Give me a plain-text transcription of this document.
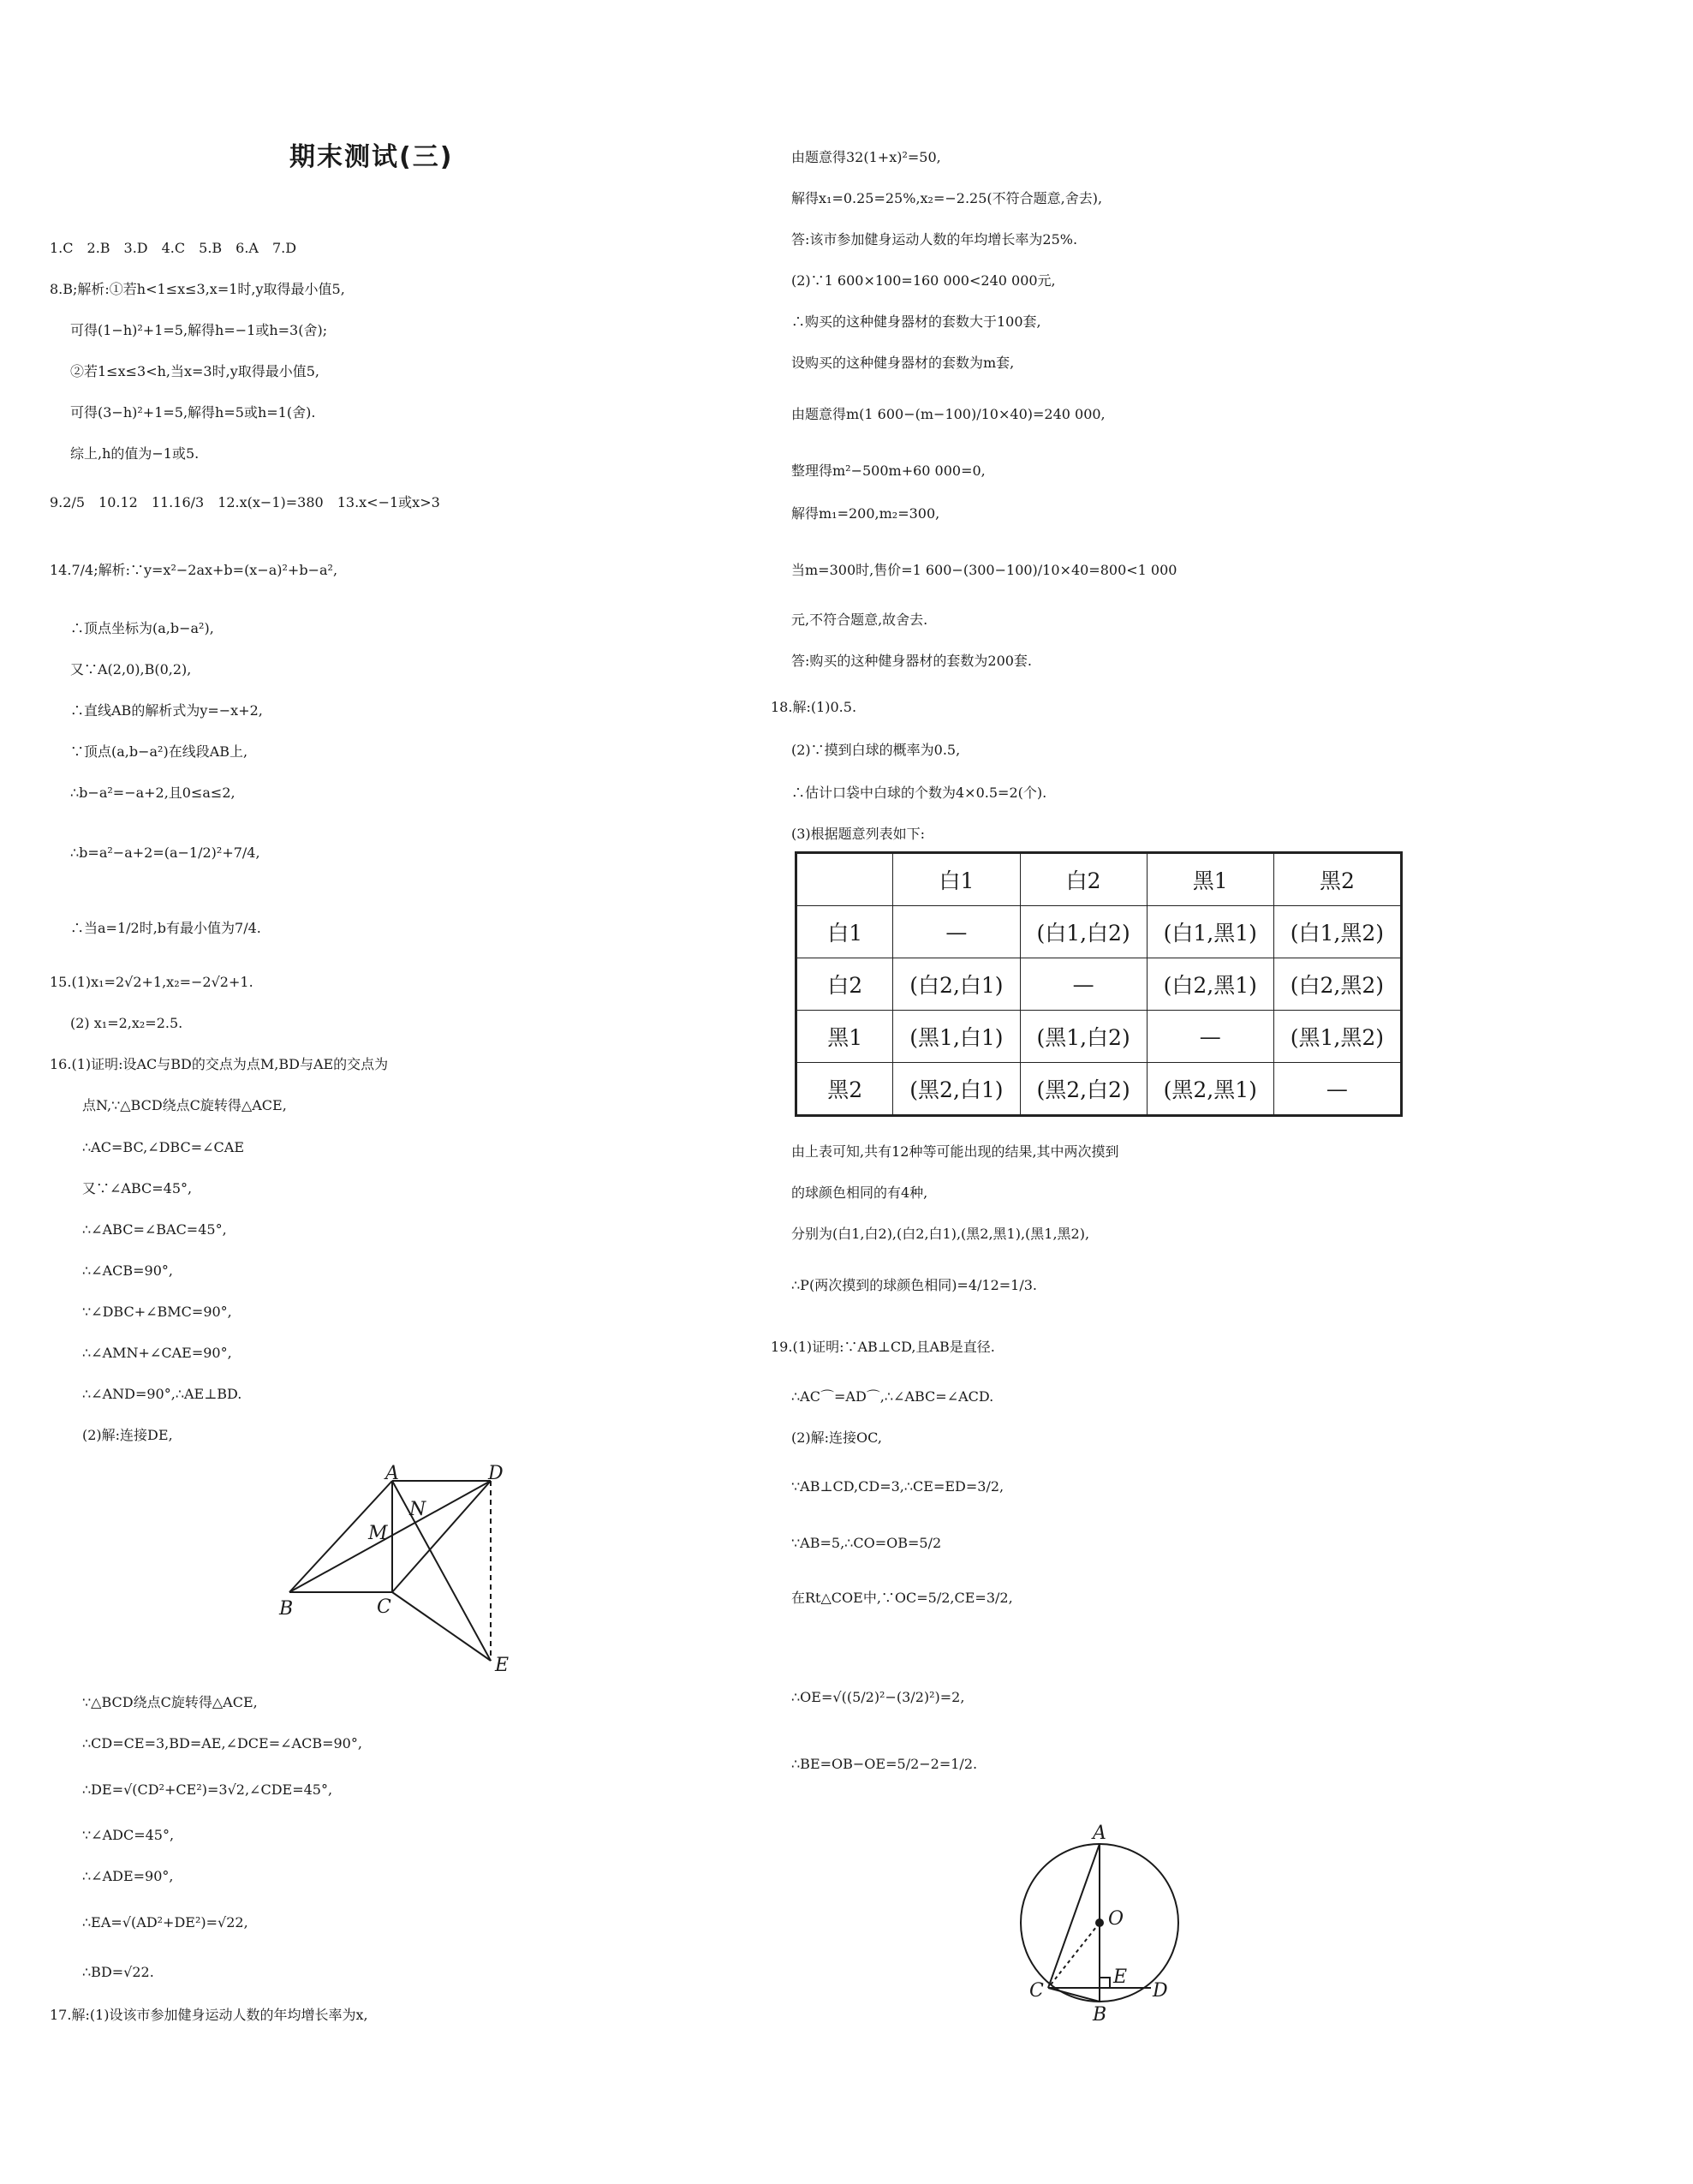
期末测试(三)
1.C　2.B　3.D　4.C　5.B　6.A　7.D
8.B;解析:①若h<1≤x≤3,x=1时,y取得最小值5,
可得(1−h)²+1=5,解得h=−1或h=3(舍);
②若1≤x≤3<h,当x=3时,y取得最小值5,
可得(3−h)²+1=5,解得h=5或h=1(舍).
综上,h的值为−1或5.
9.2/5　10.12　11.16/3　12.x(x−1)=380　13.x<−1或x>3
14.7/4;解析:∵y=x²−2ax+b=(x−a)²+b−a²,
∴顶点坐标为(a,b−a²),
又∵A(2,0),B(0,2),
∴直线AB的解析式为y=−x+2,
∵顶点(a,b−a²)在线段AB上,
∴b−a²=−a+2,且0≤a≤2,
∴b=a²−a+2=(a−1/2)²+7/4,
∴当a=1/2时,b有最小值为7/4.
15.(1)x₁=2√2+1,x₂=−2√2+1.
(2) x₁=2,x₂=2.5.
16.(1)证明:设AC与BD的交点为点M,BD与AE的交点为
点N,∵△BCD绕点C旋转得△ACE,
∴AC=BC,∠DBC=∠CAE
又∵∠ABC=45°,
∴∠ABC=∠BAC=45°,
∴∠ACB=90°,
∵∠DBC+∠BMC=90°,
∴∠AMN+∠CAE=90°,
∴∠AND=90°,∴AE⊥BD.
(2)解:连接DE,
∵△BCD绕点C旋转得△ACE,
∴CD=CE=3,BD=AE,∠DCE=∠ACB=90°,
∴DE=√(CD²+CE²)=3√2,∠CDE=45°,
∵∠ADC=45°,
∴∠ADE=90°,
∴EA=√(AD²+DE²)=√22,
∴BD=√22.
17.解:(1)设该市参加健身运动人数的年均增长率为x,
由题意得32(1+x)²=50,
解得x₁=0.25=25%,x₂=−2.25(不符合题意,舍去),
答:该市参加健身运动人数的年均增长率为25%.
(2)∵1 600×100=160 000<240 000元,
∴购买的这种健身器材的套数大于100套,
设购买的这种健身器材的套数为m套,
由题意得m(1 600−(m−100)/10×40)=240 000,
整理得m²−500m+60 000=0,
解得m₁=200,m₂=300,
当m=300时,售价=1 600−(300−100)/10×40=800<1 000
元,不符合题意,故舍去.
答:购买的这种健身器材的套数为200套.
18.解:(1)0.5.
(2)∵摸到白球的概率为0.5,
∴估计口袋中白球的个数为4×0.5=2(个).
(3)根据题意列表如下:
由上表可知,共有12种等可能出现的结果,其中两次摸到
的球颜色相同的有4种,
分别为(白1,白2),(白2,白1),(黑2,黑1),(黑1,黑2),
∴P(两次摸到的球颜色相同)=4/12=1/3.
19.(1)证明:∵AB⊥CD,且AB是直径.
∴AC⌒=AD⌒,∴∠ABC=∠ACD.
(2)解:连接OC,
∵AB⊥CD,CD=3,∴CE=ED=3/2,
∵AB=5,∴CO=OB=5/2
在Rt△COE中,∵OC=5/2,CE=3/2,
∴OE=√((5/2)²−(3/2)²)=2,
∴BE=OB−OE=5/2−2=1/2.
	白1	白2	黑1	黑2
白1	—	(白1,白2)	(白1,黑1)	(白1,黑2)
白2	(白2,白1)	—	(白2,黑1)	(白2,黑2)
黑1	(黑1,白1)	(黑1,白2)	—	(黑1,黑2)
黑2	(黑2,白1)	(黑2,白2)	(黑2,黑1)	—
A	D
N
M
B	C
E
A
O
C
E
D
B
